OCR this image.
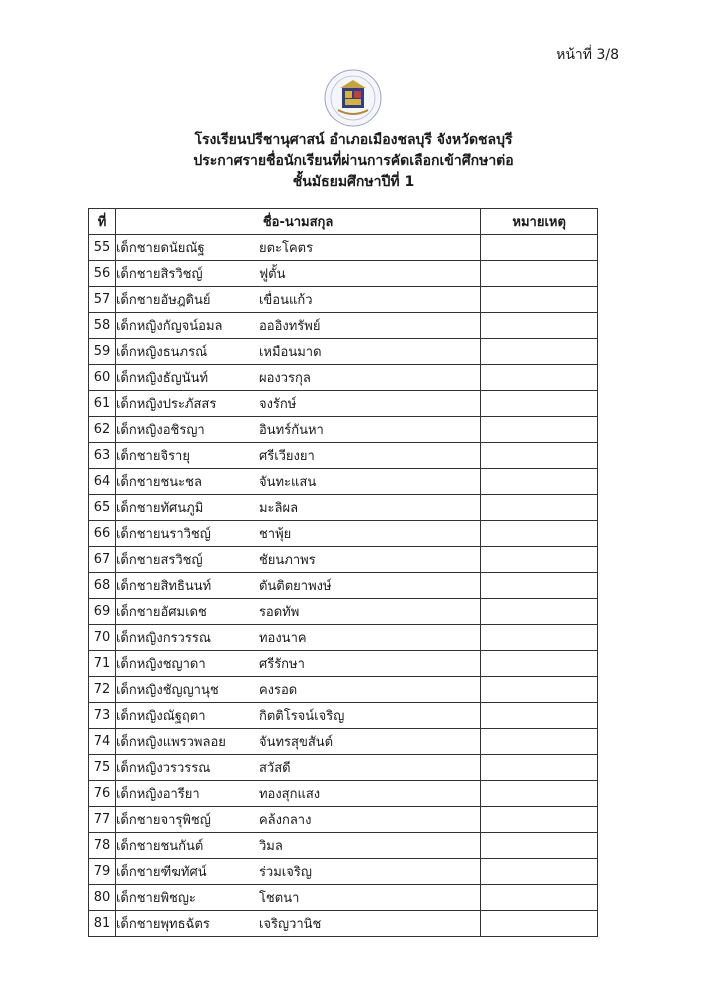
หน้าที่ 3/8
โรงเรียนปรีชานุศาสน์ อำเภอเมืองชลบุรี จังหวัดชลบุรี
ประกาศรายชื่อนักเรียนที่ผ่านการคัดเลือกเข้าศึกษาต่อ
ชั้นมัธยมศึกษาปีที่ 1
ที่	ชื่อ-นามสกุล	หมายเหตุ
55	เด็กชายดนัยณัฐ ยตะโคตร	
56	เด็กชายสิรวิชญ์ ฟูตั้น	
57	เด็กชายอัษฎดินย์ เขื่อนแก้ว	
58	เด็กหญิงกัญจน์อมล อออิงทรัพย์	
59	เด็กหญิงธนภรณ์ เหมือนมาด	
60	เด็กหญิงธัญนันท์ ผองวรกุล	
61	เด็กหญิงประภัสสร จงรักษ์	
62	เด็กหญิงอชิรญา อินทร์กันหา	
63	เด็กชายจิรายุ ศรีเวียงยา	
64	เด็กชายชนะชล จันทะแสน	
65	เด็กชายทัศนภูมิ มะลิผล	
66	เด็กชายนราวิชญ์ ชาพุ้ย	
67	เด็กชายสรวิชญ์ ชัยนภาพร	
68	เด็กชายสิทธินนท์ ตันติตยาพงษ์	
69	เด็กชายอัศมเดช รอดทัพ	
70	เด็กหญิงกรวรรณ ทองนาค	
71	เด็กหญิงชญาดา ศรีรักษา	
72	เด็กหญิงชัญญานุช คงรอด	
73	เด็กหญิงณัฐฤตา กิตติโรจน์เจริญ	
74	เด็กหญิงแพรวพลอย จันทรสุขสันต์	
75	เด็กหญิงวรวรรณ สวัสดี	
76	เด็กหญิงอารียา ทองสุกแสง	
77	เด็กชายจารุพิชญ์ คล้งกลาง	
78	เด็กชายชนกันต์ วิมล	
79	เด็กชายฑีฆทัศน์ ร่วมเจริญ	
80	เด็กชายพิชญะ โชตนา	
81	เด็กชายพุทธฉัตร เจริญวานิช	
